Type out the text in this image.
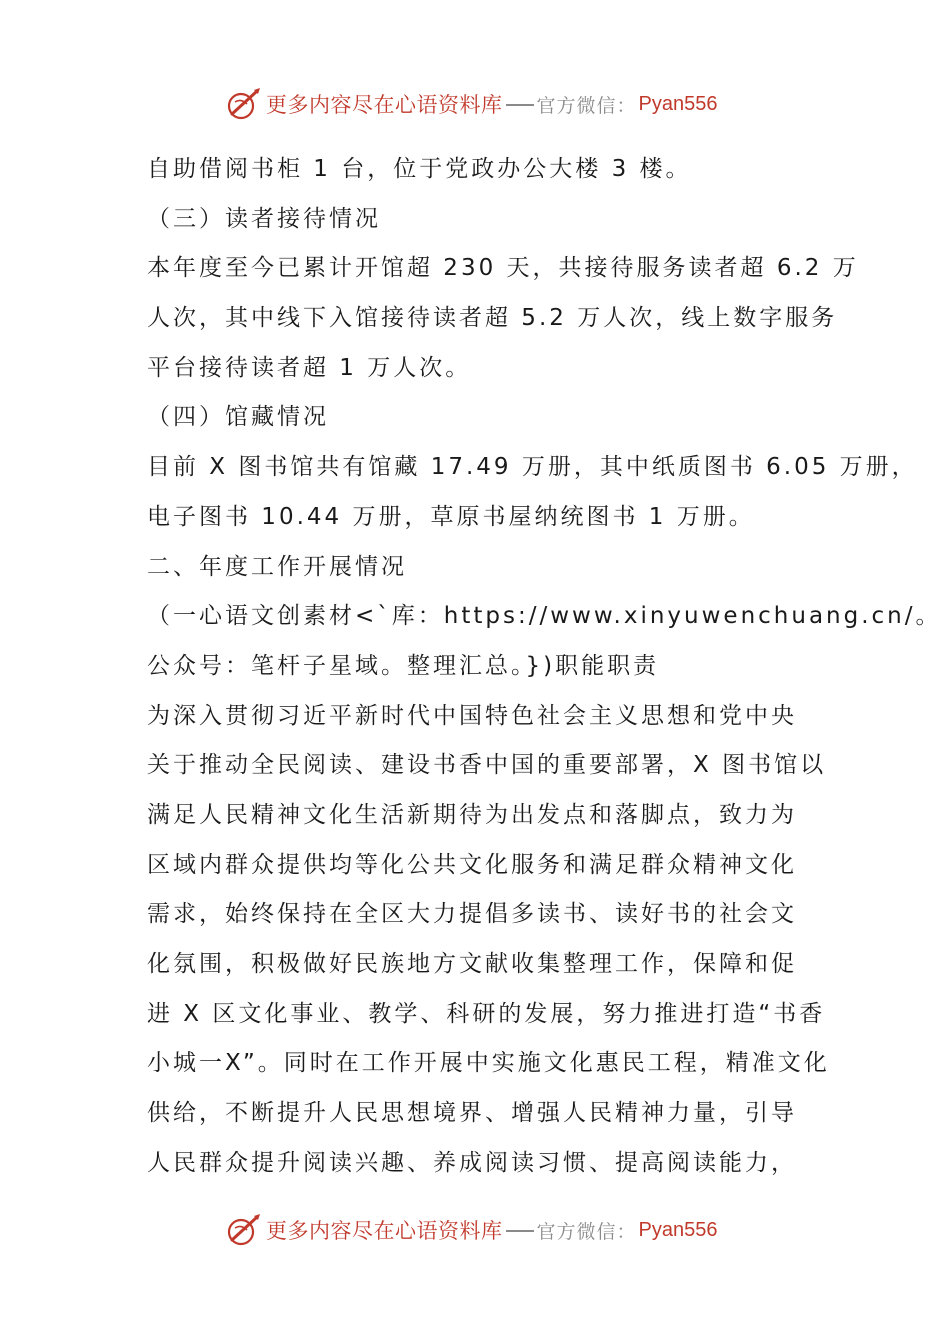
更多内容尽在心语资料库 官方微信： Pyan556
自助借阅书柜 1 台，位于党政办公大楼 3 楼。
（三）读者接待情况
本年度至今已累计开馆超 230 天，共接待服务读者超 6.2 万
人次，其中线下入馆接待读者超 5.2 万人次，线上数字服务
平台接待读者超 1 万人次。
（四）馆藏情况
目前 X 图书馆共有馆藏 17.49 万册，其中纸质图书 6.05 万册，
电子图书 10.44 万册，草原书屋纳统图书 1 万册。
二、年度工作开展情况
（一心语文创素材<`库：https://www.xinyuwenchuang.cn/。
公众号：笔杆子星域。整理汇总。})职能职责
为深入贯彻习近平新时代中国特色社会主义思想和党中央
关于推动全民阅读、建设书香中国的重要部署，X 图书馆以
满足人民精神文化生活新期待为出发点和落脚点，致力为
区域内群众提供均等化公共文化服务和满足群众精神文化
需求，始终保持在全区大力提倡多读书、读好书的社会文
化氛围，积极做好民族地方文献收集整理工作，保障和促
进 X 区文化事业、教学、科研的发展，努力推进打造“书香
小城一X”。同时在工作开展中实施文化惠民工程，精准文化
供给，不断提升人民思想境界、增强人民精神力量，引导
人民群众提升阅读兴趣、养成阅读习惯、提高阅读能力，
更多内容尽在心语资料库 官方微信： Pyan556
